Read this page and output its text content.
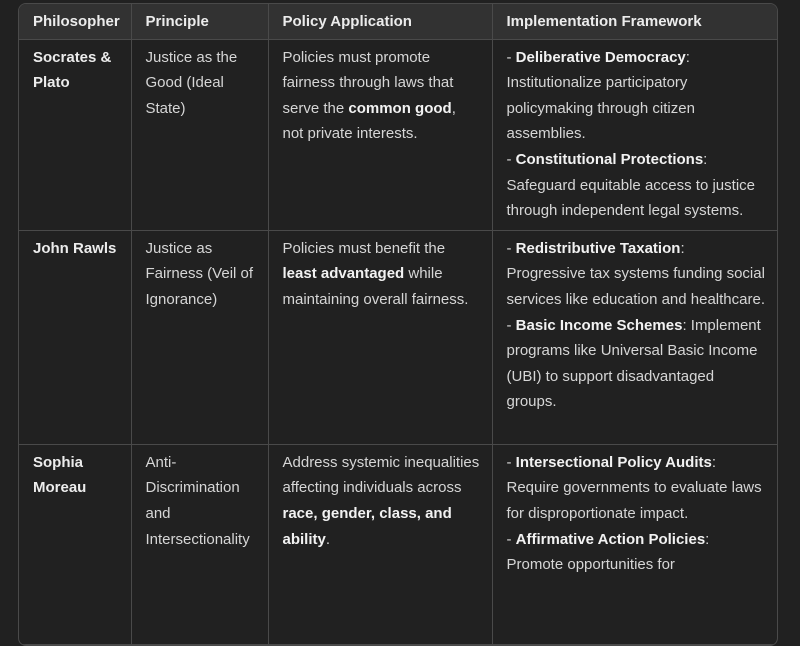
Philosopher	Principle	Policy Application	Implementation Framework
Socrates & Plato	Justice as the Good (Ideal State)	Policies must promote fairness through laws that serve the common good, not private interests.	- Deliberative Democracy: Institutionalize participatory policymaking through citizen assemblies.
- Constitutional Protections: Safeguard equitable access to justice through independent legal systems.

John Rawls	Justice as Fairness (Veil of Ignorance)	Policies must benefit the least advantaged while maintaining overall fairness.	- Redistributive Taxation: Progressive tax systems funding social services like education and healthcare.
- Basic Income Schemes: Implement programs like Universal Basic Income (UBI) to support disadvantaged groups.

Sophia Moreau	Anti-Discrimination and Intersectionality	Address systemic inequalities affecting individuals across race, gender, class, and ability.	- Intersectional Policy Audits: Require governments to evaluate laws for disproportionate impact.
- Affirmative Action Policies: Promote opportunities for
